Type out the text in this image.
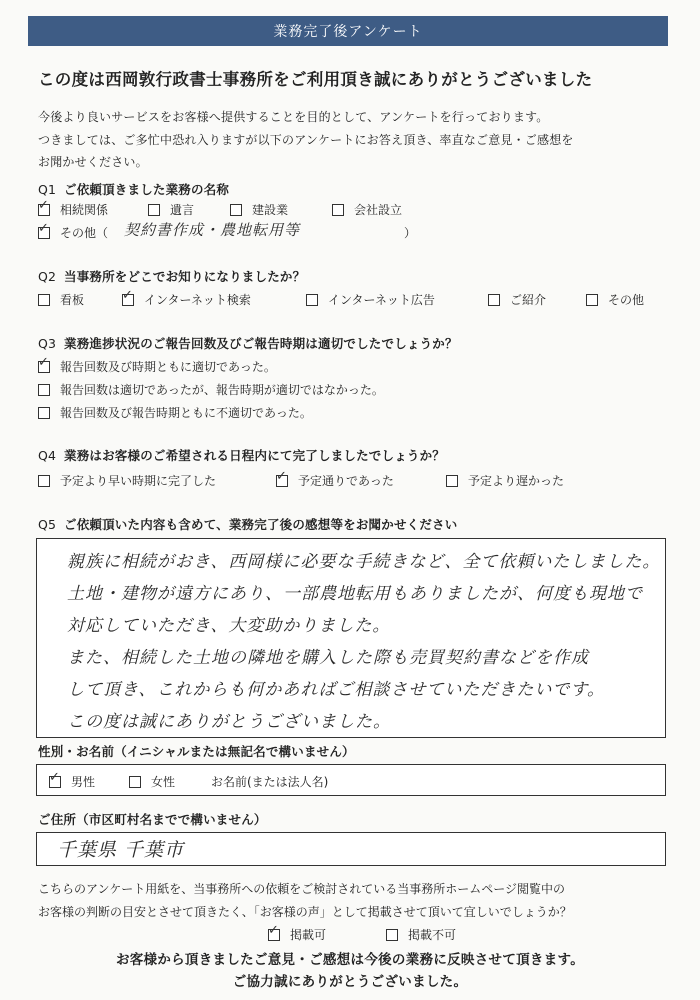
業務完了後アンケート
この度は西岡敦行政書士事務所をご利用頂き誠にありがとうございました
今後より良いサービスをお客様へ提供することを目的として、アンケートを行っております。
つきましては、ご多忙中恐れ入りますが以下のアンケートにお答え頂き、率直なご意見・ご感想を
お聞かせください。
Q1 ご依頼頂きました業務の名称
✓
相続関係	遺言	建設業	会社設立
✓
その他（ 契約書作成・農地転用等	）
Q2 当事務所をどこでお知りになりましたか？
看板 ✓	インターネット検索	インターネット広告	ご紹介	その他
Q3 業務進捗状況のご報告回数及びご報告時期は適切でしたでしょうか？
✓
報告回数及び時期ともに適切であった。
報告回数は適切であったが、報告時期が適切ではなかった。
報告回数及び報告時期ともに不適切であった。
Q4 業務はお客様のご希望される日程内にて完了しましたでしょうか？
予定より早い時期に完了した ✓	予定通りであった	予定より遅かった
Q5 ご依頼頂いた内容も含めて、業務完了後の感想等をお聞かせください
親族に相続がおき、西岡様に必要な手続きなど、全て依頼いたしました。
土地・建物が遠方にあり、一部農地転用もありましたが、何度も現地で
対応していただき、大変助かりました。
また、相続した土地の隣地を購入した際も売買契約書などを作成
して頂き、これからも何かあればご相談させていただきたいです。
この度は誠にありがとうございました。
性別・お名前（イニシャルまたは無記名で構いません）
✓
男性	女性	お名前(または法人名)
ご住所（市区町村名までで構いません）
千葉県 千葉市
こちらのアンケート用紙を、当事務所への依頼をご検討されている当事務所ホームページ閲覧中の
お客様の判断の目安とさせて頂きたく、「お客様の声」として掲載させて頂いて宜しいでしょうか？
✓
掲載可	掲載不可
お客様から頂きましたご意見・ご感想は今後の業務に反映させて頂きます。
ご協力誠にありがとうございました。
